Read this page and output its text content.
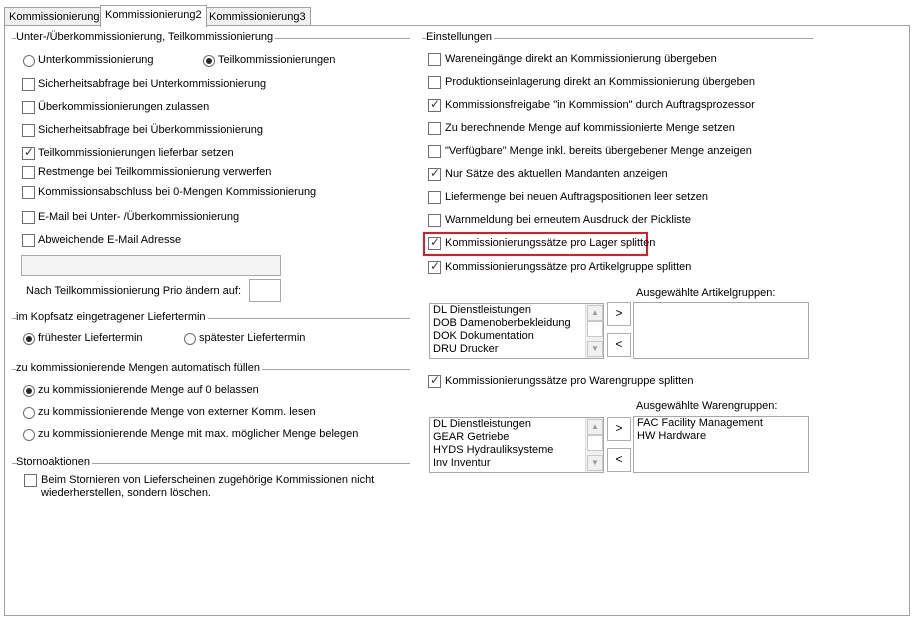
Kommissionierung Kommissionierung2 Kommissionierung3
Unter-/Überkommissionierung, Teilkommissionierung
Unterkommissionierung	Teilkommissionierungen
Sicherheitsabfrage bei Unterkommissionierung
Überkommissionierungen zulassen
Sicherheitsabfrage bei Überkommissionierung
✓
Teilkommissionierungen lieferbar setzen
Restmenge bei Teilkommissionierung verwerfen
Kommissionsabschluss bei 0-Mengen Kommissionierung
E-Mail bei Unter- /Überkommissionierung
Abweichende E-Mail Adresse
Nach Teilkommissionierung Prio ändern auf:
im Kopfsatz eingetragener Liefertermin
frühester Liefertermin	spätester Liefertermin
zu kommissionierende Mengen automatisch füllen
zu kommissionierende Menge auf 0 belassen
zu kommissionierende Menge von externer Komm. lesen
zu kommissionierende Menge mit max. möglicher Menge belegen
Stornoaktionen
Beim Stornieren von Lieferscheinen zugehörige Kommissionen nicht
wiederherstellen, sondern löschen.
Einstellungen
Wareneingänge direkt an Kommissionierung übergeben
Produktionseinlagerung direkt an Kommissionierung übergeben
✓
Kommissionsfreigabe "in Kommission" durch Auftragsprozessor
Zu berechnende Menge auf kommissionierte Menge setzen
"Verfügbare" Menge inkl. bereits übergebener Menge anzeigen
✓
Nur Sätze des aktuellen Mandanten anzeigen
Liefermenge bei neuen Auftragspositionen leer setzen
Warnmeldung bei erneutem Ausdruck der Pickliste
✓
Kommissionierungssätze pro Lager splitten
✓
Kommissionierungssätze pro Artikelgruppe splitten
DL Dienstleistungen
DOB Damenoberbekleidung
DOK Dokumentation
DRU Drucker
▲
▼
>
<
Ausgewählte Artikelgruppen:
✓
Kommissionierungssätze pro Warengruppe splitten
DL Dienstleistungen
GEAR Getriebe
HYDS Hydrauliksysteme
Inv Inventur
▲
▼
>
<
Ausgewählte Warengruppen:
FAC Facility Management
HW Hardware
